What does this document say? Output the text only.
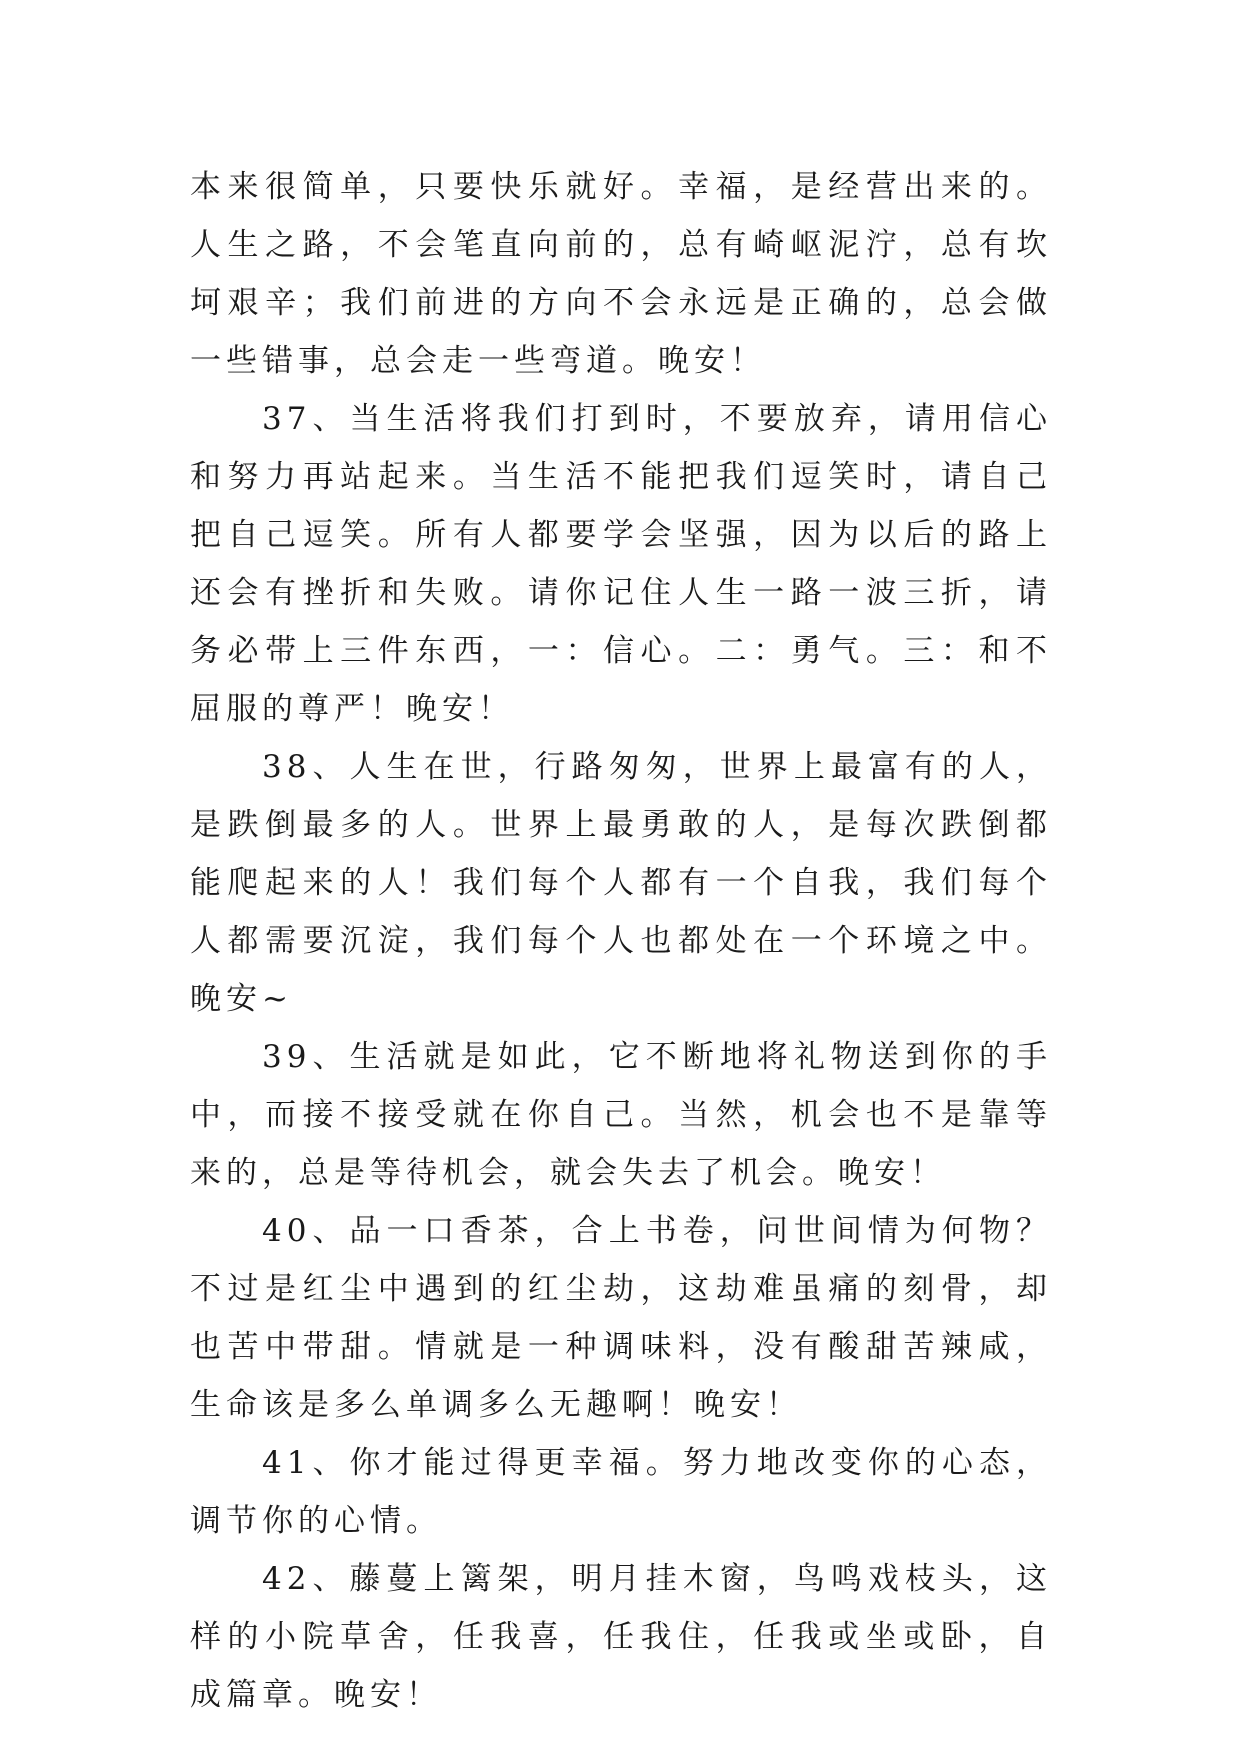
本来很简单，只要快乐就好。幸福，是经营出来的。人生之路，不会笔直向前的，总有崎岖泥泞，总有坎坷艰辛；我们前进的方向不会永远是正确的，总会做一些错事，总会走一些弯道。晚安！

37、当生活将我们打到时，不要放弃，请用信心和努力再站起来。当生活不能把我们逗笑时，请自己把自己逗笑。所有人都要学会坚强，因为以后的路上还会有挫折和失败。请你记住人生一路一波三折，请务必带上三件东西，一：信心。二：勇气。三：和不屈服的尊严！晚安！

38、人生在世，行路匆匆，世界上最富有的人，是跌倒最多的人。世界上最勇敢的人，是每次跌倒都能爬起来的人！我们每个人都有一个自我，我们每个人都需要沉淀，我们每个人也都处在一个环境之中。晚安~

39、生活就是如此，它不断地将礼物送到你的手中，而接不接受就在你自己。当然，机会也不是靠等来的，总是等待机会，就会失去了机会。晚安！

40、品一口香茶，合上书卷，问世间情为何物？不过是红尘中遇到的红尘劫，这劫难虽痛的刻骨，却也苦中带甜。情就是一种调味料，没有酸甜苦辣咸，生命该是多么单调多么无趣啊！晚安！

41、你才能过得更幸福。努力地改变你的心态，调节你的心情。

42、藤蔓上篱架，明月挂木窗，鸟鸣戏枝头，这样的小院草舍，任我喜，任我住，任我或坐或卧，自成篇章。晚安！
